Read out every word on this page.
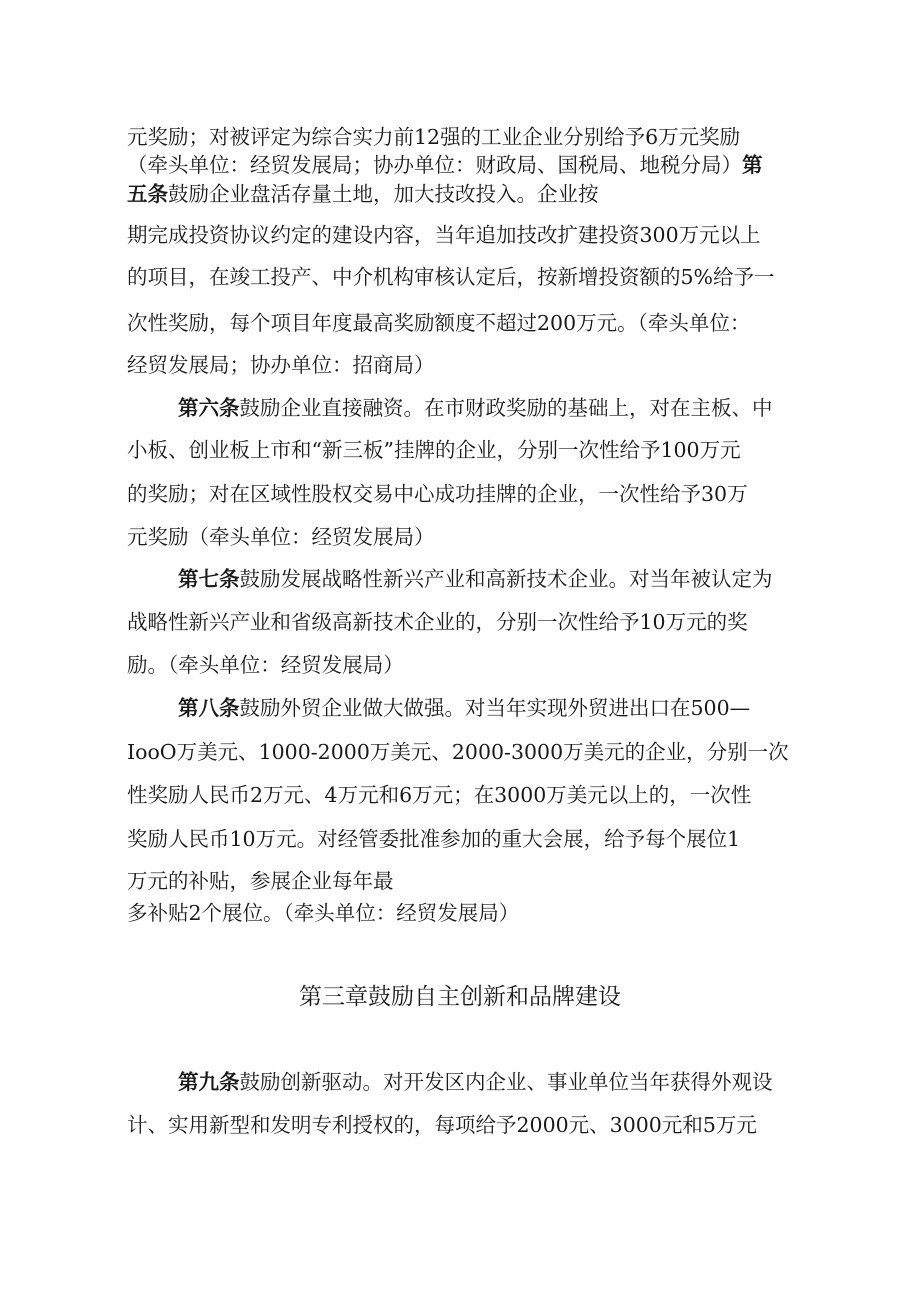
元奖励；对被评定为综合实力前12强的工业企业分别给予6万元奖励
（牵头单位：经贸发展局；协办单位：财政局、国税局、地税分局）第
五条鼓励企业盘活存量土地，加大技改投入。企业按
期完成投资协议约定的建设内容，当年追加技改扩建投资300万元以上
的项目，在竣工投产、中介机构审核认定后，按新增投资额的5%给予一
次性奖励，每个项目年度最高奖励额度不超过200万元。（牵头单位：
经贸发展局；协办单位：招商局）
第六条鼓励企业直接融资。在市财政奖励的基础上，对在主板、中
小板、创业板上市和“新三板”挂牌的企业，分别一次性给予100万元
的奖励；对在区域性股权交易中心成功挂牌的企业，一次性给予30万
元奖励（牵头单位：经贸发展局）
第七条鼓励发展战略性新兴产业和高新技术企业。对当年被认定为
战略性新兴产业和省级高新技术企业的，分别一次性给予10万元的奖
励。（牵头单位：经贸发展局）
第八条鼓励外贸企业做大做强。对当年实现外贸进出口在500—
IooO万美元、1000-2000万美元、2000-3000万美元的企业，分别一次
性奖励人民币2万元、4万元和6万元；在3000万美元以上的，一次性
奖励人民币10万元。对经管委批准参加的重大会展，给予每个展位1
万元的补贴，参展企业每年最
多补贴2个展位。（牵头单位：经贸发展局）
第三章鼓励自主创新和品牌建设
第九条鼓励创新驱动。对开发区内企业、事业单位当年获得外观设
计、实用新型和发明专利授权的，每项给予2000元、3000元和5万元
